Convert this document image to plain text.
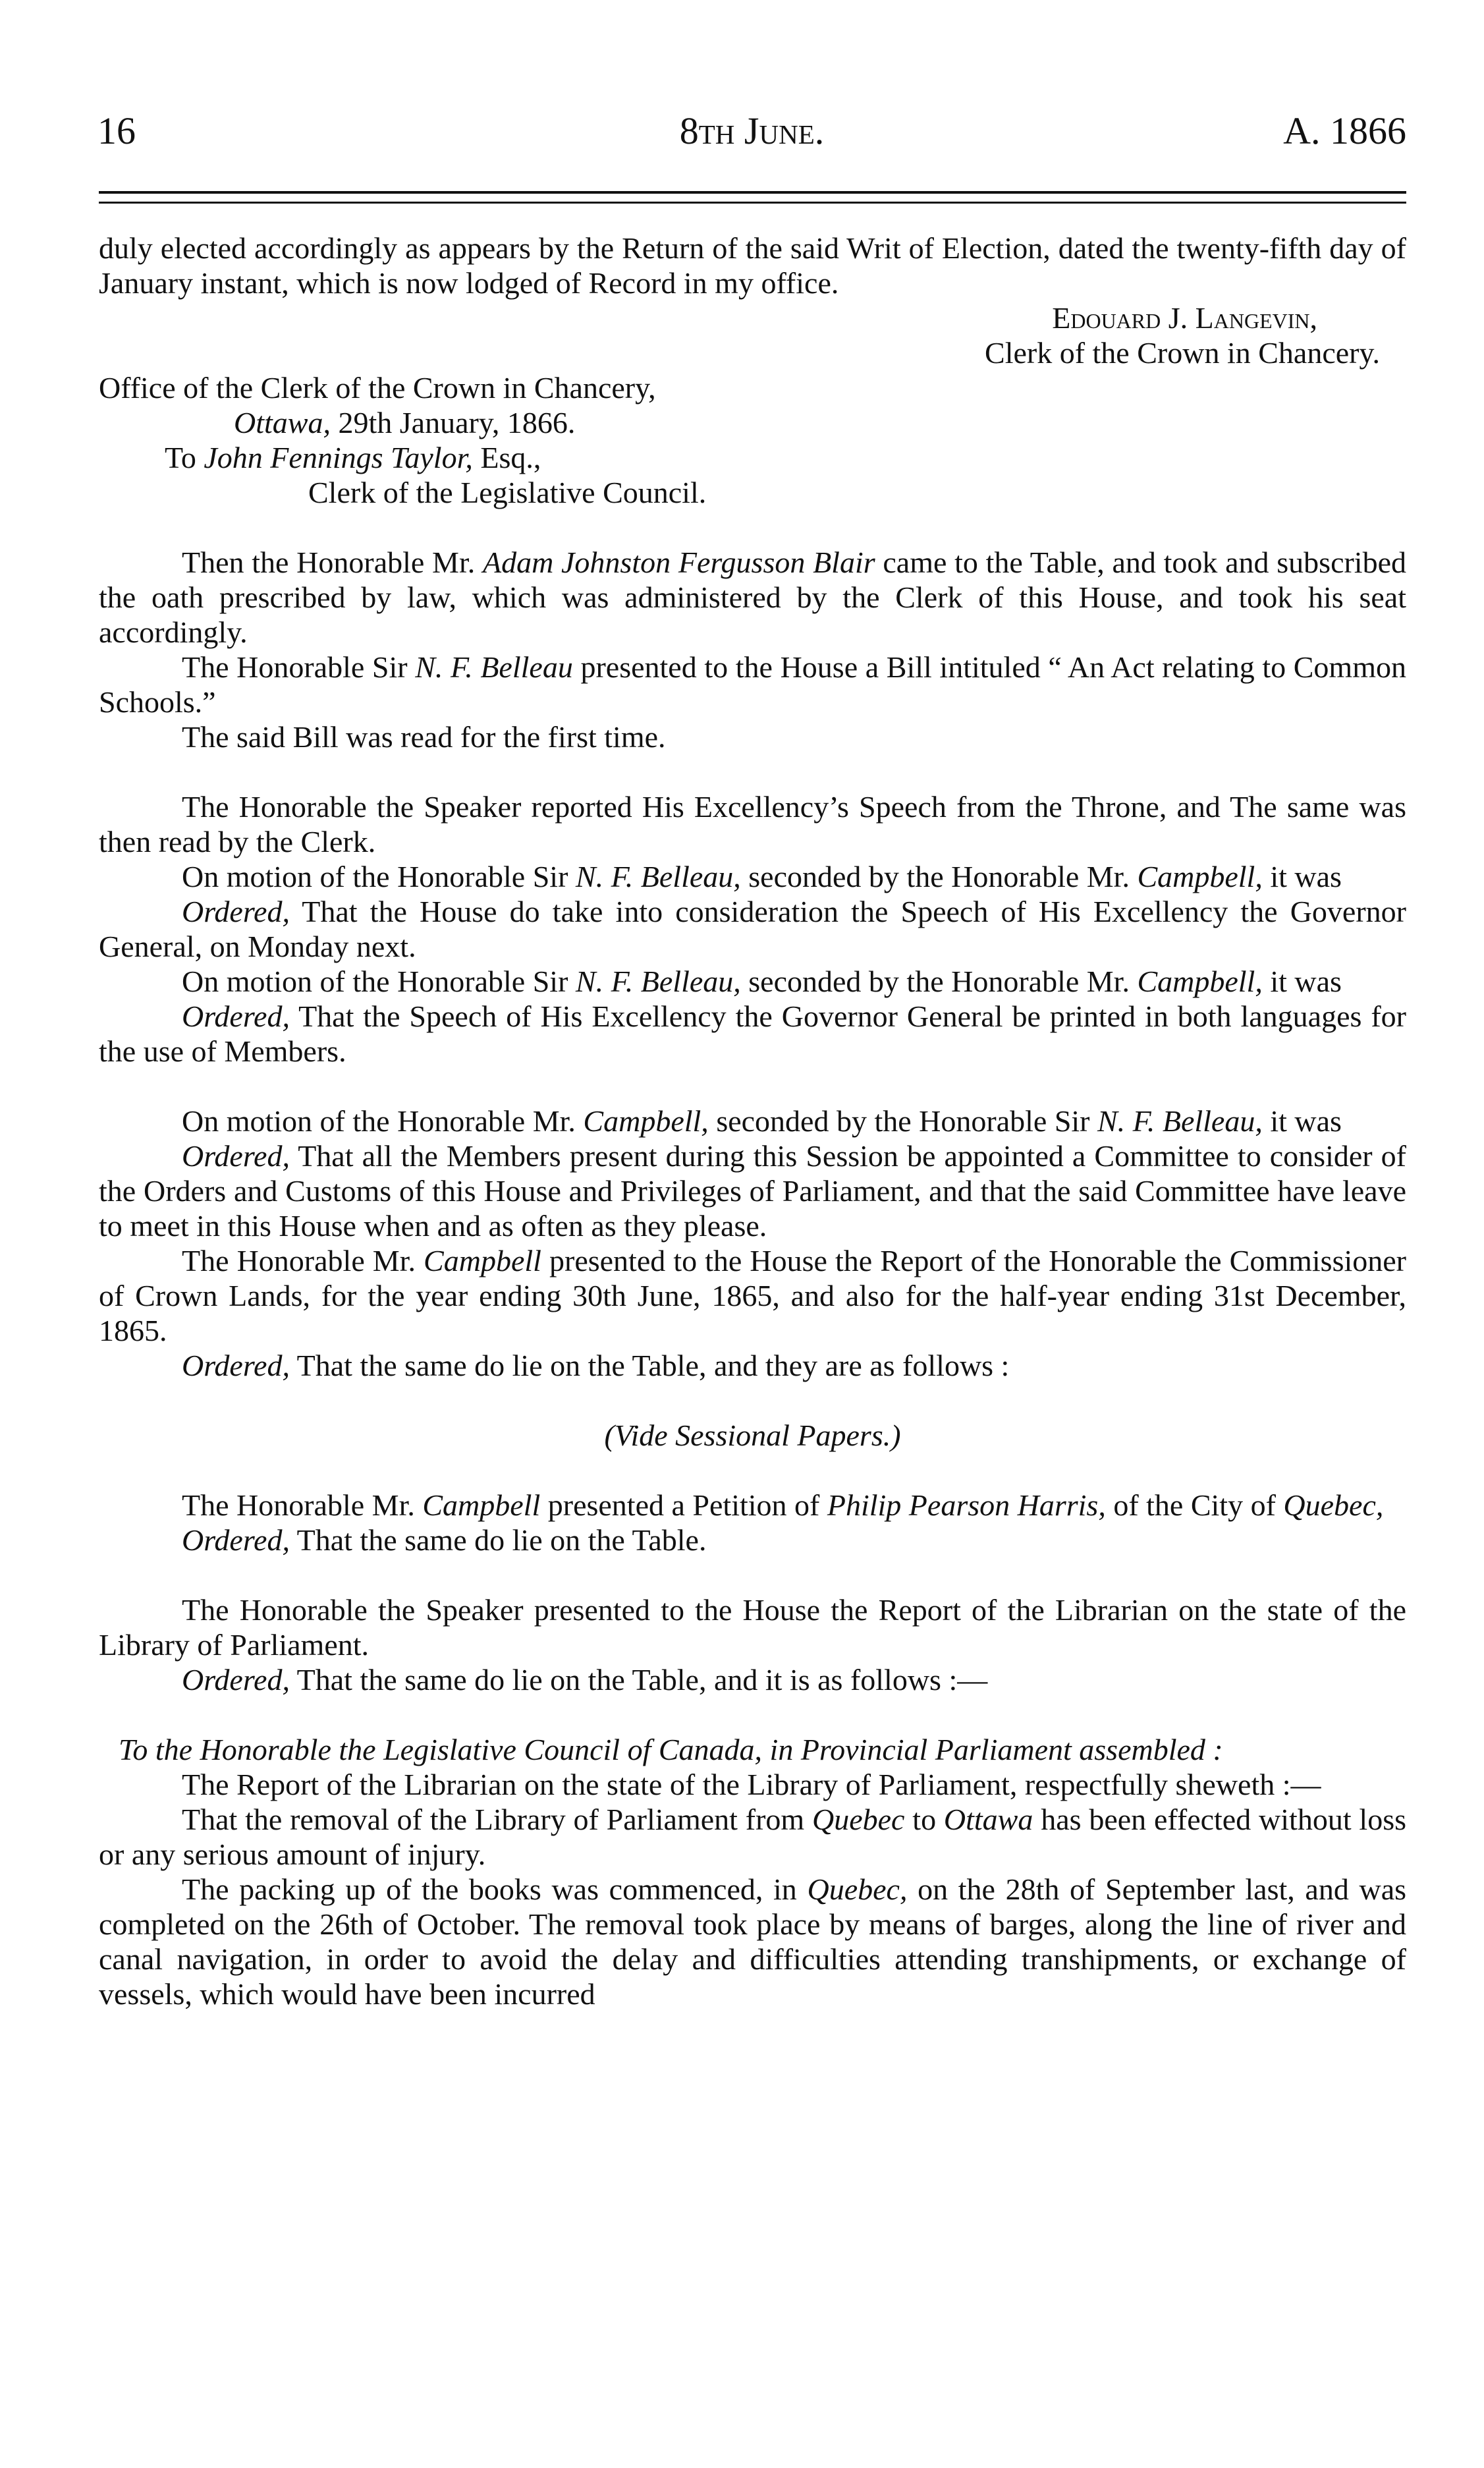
16	8th June.	A. 1866

duly elected accordingly as appears by the Return of the said Writ of Election, dated the twenty-fifth day of January instant, which is now lodged of Record in my office.

Edouard J. Langevin,

Clerk of the Crown in Chancery.

Office of the Clerk of the Crown in Chancery,

Ottawa, 29th January, 1866.

To John Fennings Taylor, Esq.,

Clerk of the Legislative Council.

Then the Honorable Mr. Adam Johnston Fergusson Blair came to the Table, and took and subscribed the oath prescribed by law, which was administered by the Clerk of this House, and took his seat accordingly.

The Honorable Sir N. F. Belleau presented to the House a Bill intituled “ An Act relating to Common Schools.”

The said Bill was read for the first time.

The Honorable the Speaker reported His Excellency’s Speech from the Throne, and The same was then read by the Clerk.

On motion of the Honorable Sir N. F. Belleau, seconded by the Honorable Mr. Campbell, it was

Ordered, That the House do take into consideration the Speech of His Excellency the Governor General, on Monday next.

On motion of the Honorable Sir N. F. Belleau, seconded by the Honorable Mr. Campbell, it was

Ordered, That the Speech of His Excellency the Governor General be printed in both languages for the use of Members.

On motion of the Honorable Mr. Campbell, seconded by the Honorable Sir N. F. Belleau, it was

Ordered, That all the Members present during this Session be appointed a Committee to consider of the Orders and Customs of this House and Privileges of Parliament, and that the said Committee have leave to meet in this House when and as often as they please.

The Honorable Mr. Campbell presented to the House the Report of the Honorable the Commissioner of Crown Lands, for the year ending 30th June, 1865, and also for the half-year ending 31st December, 1865.

Ordered, That the same do lie on the Table, and they are as follows :

(Vide Sessional Papers.)

The Honorable Mr. Campbell presented a Petition of Philip Pearson Harris, of the City of Quebec,

Ordered, That the same do lie on the Table.

The Honorable the Speaker presented to the House the Report of the Librarian on the state of the Library of Parliament.

Ordered, That the same do lie on the Table, and it is as follows :—

To the Honorable the Legislative Council of Canada, in Provincial Parliament assembled :

The Report of the Librarian on the state of the Library of Parliament, respectfully sheweth :—

That the removal of the Library of Parliament from Quebec to Ottawa has been effected without loss or any serious amount of injury.

The packing up of the books was commenced, in Quebec, on the 28th of September last, and was completed on the 26th of October. The removal took place by means of barges, along the line of river and canal navigation, in order to avoid the delay and difficulties attending transhipments, or exchange of vessels, which would have been incurred
